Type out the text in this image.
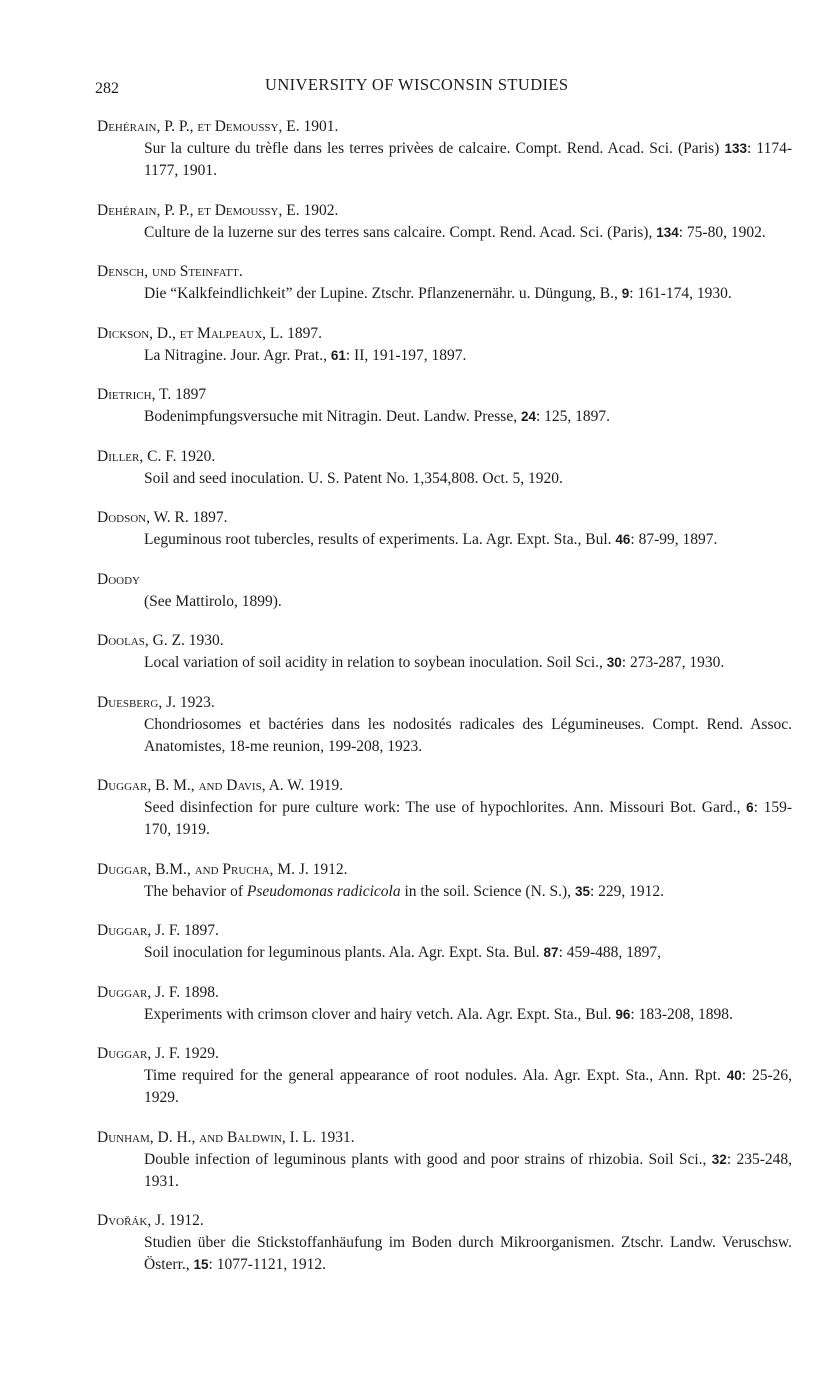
282	UNIVERSITY OF WISCONSIN STUDIES
Dehérain, P. P., et Demoussy, E. 1901.
Sur la culture du trèfle dans les terres privèes de calcaire. Compt. Rend. Acad. Sci. (Paris) 133: 1174-1177, 1901.
Dehérain, P. P., et Demoussy, E. 1902.
Culture de la luzerne sur des terres sans calcaire. Compt. Rend. Acad. Sci. (Paris), 134: 75-80, 1902.
Densch, und Steinfatt.
Die “Kalkfeindlichkeit” der Lupine. Ztschr. Pflanzenernähr. u. Düngung, B., 9: 161-174, 1930.
Dickson, D., et Malpeaux, L. 1897.
La Nitragine. Jour. Agr. Prat., 61: II, 191-197, 1897.
Dietrich, T. 1897
Bodenimpfungsversuche mit Nitragin. Deut. Landw. Presse, 24: 125, 1897.
Diller, C. F. 1920.
Soil and seed inoculation. U. S. Patent No. 1,354,808. Oct. 5, 1920.
Dodson, W. R. 1897.
Leguminous root tubercles, results of experiments. La. Agr. Expt. Sta., Bul. 46: 87-99, 1897.
Doody
(See Mattirolo, 1899).
Doolas, G. Z. 1930.
Local variation of soil acidity in relation to soybean inoculation. Soil Sci., 30: 273-287, 1930.
Duesberg, J. 1923.
Chondriosomes et bactéries dans les nodosités radicales des Légumineuses. Compt. Rend. Assoc. Anatomistes, 18-me reunion, 199-208, 1923.
Duggar, B. M., and Davis, A. W. 1919.
Seed disinfection for pure culture work: The use of hypochlorites. Ann. Missouri Bot. Gard., 6: 159-170, 1919.
Duggar, B.M., and Prucha, M. J. 1912.
The behavior of Pseudomonas radicicola in the soil. Science (N. S.), 35: 229, 1912.
Duggar, J. F. 1897.
Soil inoculation for leguminous plants. Ala. Agr. Expt. Sta. Bul. 87: 459-488, 1897,
Duggar, J. F. 1898.
Experiments with crimson clover and hairy vetch. Ala. Agr. Expt. Sta., Bul. 96: 183-208, 1898.
Duggar, J. F. 1929.
Time required for the general appearance of root nodules. Ala. Agr. Expt. Sta., Ann. Rpt. 40: 25-26, 1929.
Dunham, D. H., and Baldwin, I. L. 1931.
Double infection of leguminous plants with good and poor strains of rhizobia. Soil Sci., 32: 235-248, 1931.
Dvořák, J. 1912.
Studien über die Stickstoffanhäufung im Boden durch Mikroorganismen. Ztschr. Landw. Veruschsw. Österr., 15: 1077-1121, 1912.
